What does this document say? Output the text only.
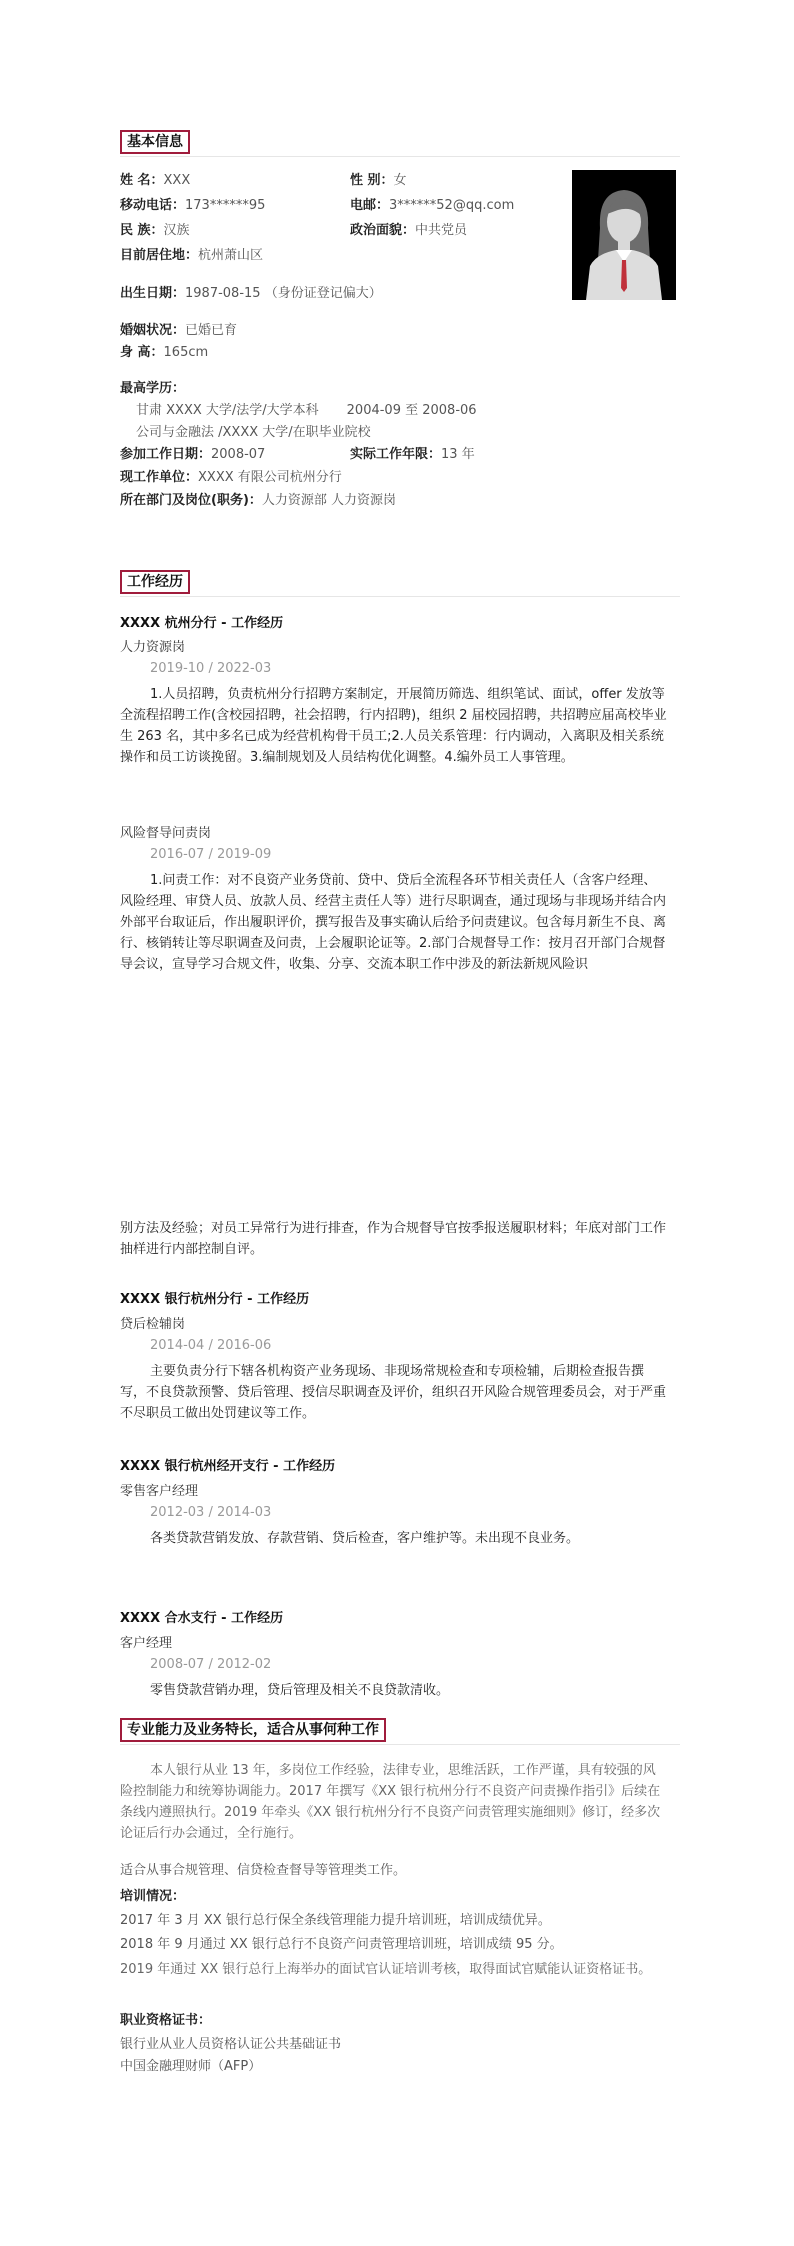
基本信息
姓 名：XXX	性 别：女
移动电话：173******95	电邮：3******52@qq.com
民 族：汉族	政治面貌：中共党员
目前居住地：杭州萧山区
出生日期：1987-08-15 （身份证登记偏大）
婚姻状况：已婚已育
身 高：165cm
最高学历：
甘肃 XXXX 大学/法学/大学本科 2004-09 至 2008-06
公司与金融法 /XXXX 大学/在职毕业院校
参加工作日期：2008-07	实际工作年限：13 年
现工作单位：XXXX 有限公司杭州分行
所在部门及岗位(职务)：人力资源部 人力资源岗
工作经历
XXXX 杭州分行 - 工作经历
人力资源岗
2019-10 / 2022-03
1.人员招聘，负责杭州分行招聘方案制定，开展简历筛选、组织笔试、面试，offer 发放等全流程招聘工作(含校园招聘，社会招聘，行内招聘)，组织 2 届校园招聘，共招聘应届高校毕业生 263 名，其中多名已成为经营机构骨干员工;2.人员关系管理：行内调动，入离职及相关系统操作和员工访谈挽留。3.编制规划及人员结构优化调整。4.编外员工人事管理。
风险督导问责岗
2016-07 / 2019-09
1.问责工作：对不良资产业务贷前、贷中、贷后全流程各环节相关责任人（含客户经理、风险经理、审贷人员、放款人员、经营主责任人等）进行尽职调查，通过现场与非现场并结合内外部平台取证后，作出履职评价，撰写报告及事实确认后给予问责建议。包含每月新生不良、离行、核销转让等尽职调查及问责，上会履职论证等。2.部门合规督导工作：按月召开部门合规督导会议，宣导学习合规文件，收集、分享、交流本职工作中涉及的新法新规风险识
别方法及经验；对员工异常行为进行排查，作为合规督导官按季报送履职材料；年底对部门工作抽样进行内部控制自评。
XXXX 银行杭州分行 - 工作经历
贷后检辅岗
2014-04 / 2016-06
主要负责分行下辖各机构资产业务现场、非现场常规检查和专项检辅，后期检查报告撰写，不良贷款预警、贷后管理、授信尽职调查及评价，组织召开风险合规管理委员会，对于严重不尽职员工做出处罚建议等工作。
XXXX 银行杭州经开支行 - 工作经历
零售客户经理
2012-03 / 2014-03
各类贷款营销发放、存款营销、贷后检查，客户维护等。未出现不良业务。
XXXX 合水支行 - 工作经历
客户经理
2008-07 / 2012-02
零售贷款营销办理，贷后管理及相关不良贷款清收。
专业能力及业务特长，适合从事何种工作
本人银行从业 13 年，多岗位工作经验，法律专业，思维活跃，工作严谨，具有较强的风险控制能力和统筹协调能力。2017 年撰写《XX 银行杭州分行不良资产问责操作指引》后续在条线内遵照执行。2019 年牵头《XX 银行杭州分行不良资产问责管理实施细则》修订，经多次论证后行办会通过，全行施行。
适合从事合规管理、信贷检查督导等管理类工作。
培训情况：
2017 年 3 月 XX 银行总行保全条线管理能力提升培训班，培训成绩优异。
2018 年 9 月通过 XX 银行总行不良资产问责管理培训班，培训成绩 95 分。
2019 年通过 XX 银行总行上海举办的面试官认证培训考核，取得面试官赋能认证资格证书。
职业资格证书：
银行业从业人员资格认证公共基础证书
中国金融理财师（AFP）
